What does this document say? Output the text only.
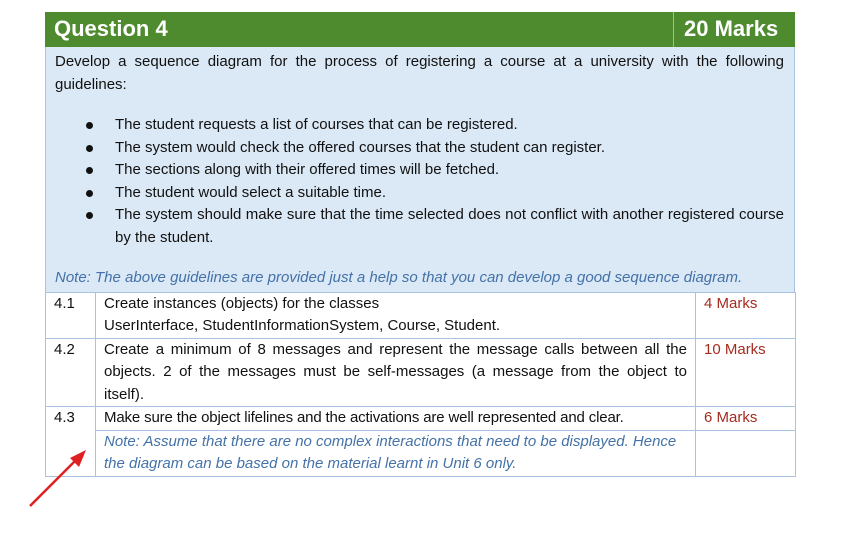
Question 4	20 Marks

Develop a sequence diagram for the process of registering a course at a university with the following guidelines:

The student requests a list of courses that can be registered.
The system would check the offered courses that the student can register.
The sections along with their offered times will be fetched.
The student would select a suitable time.
The system should make sure that the time selected does not conflict with another registered course by the student.

Note: The above guidelines are provided just a help so that you can develop a good sequence diagram.

4.1	Create instances (objects) for the classes
UserInterface, StudentInformationSystem, Course, Student.	4 Marks
4.2	Create a minimum of 8 messages and represent the message calls between all the objects. 2 of the messages must be self-messages (a message from the object to itself).	10 Marks
4.3	Make sure the object lifelines and the activations are well represented and clear.	6 Marks
	Note: Assume that there are no complex interactions that need to be displayed. Hence the diagram can be based on the material learnt in Unit 6 only.	
